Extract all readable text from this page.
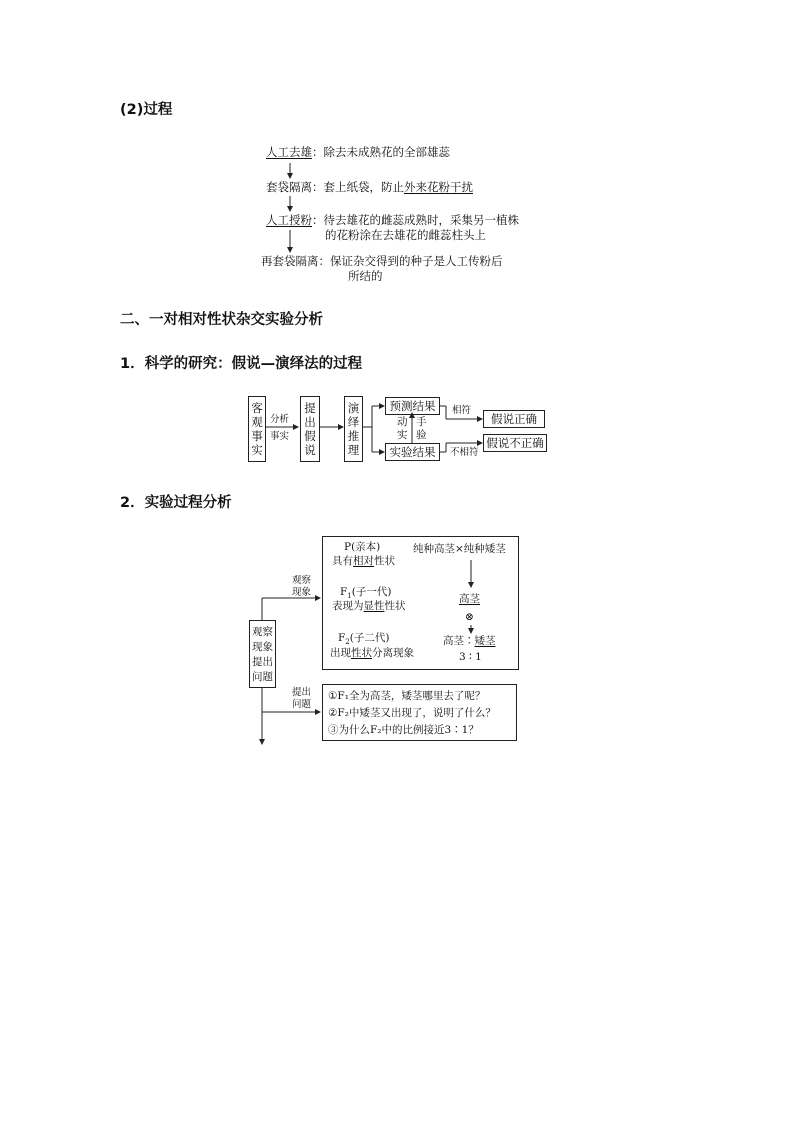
(2)过程
人工去雄：除去未成熟花的全部雄蕊
套袋隔离：套上纸袋，防止外来花粉干扰
人工授粉：待去雄花的雌蕊成熟时，采集另一植株
的花粉涂在去雄花的雌蕊柱头上
再套袋隔离：保证杂交得到的种子是人工传粉后
所结的
二、一对相对性状杂交实验分析
1．科学的研究：假说—演绎法的过程
客
观
事
实
分析
事实
提
出
假
说
演
绎
推
理
预测结果
实验结果
动
实
手
验
相符
不相符
假说正确
假说不正确
2．实验过程分析
观察
现象
提出
问题
观察
现象
提出
问题
P(亲本)
具有相对性状
$F_1$(子一代)
表现为显性性状
$F_2$(子二代)
出现性状分离现象
纯种高茎×纯种矮茎
高茎
⊗
高茎∶矮茎
3 ∶ 1
①F₁全为高茎，矮茎哪里去了呢？
②F₂中矮茎又出现了，说明了什么？
③为什么F₂中的比例接近3∶1？
